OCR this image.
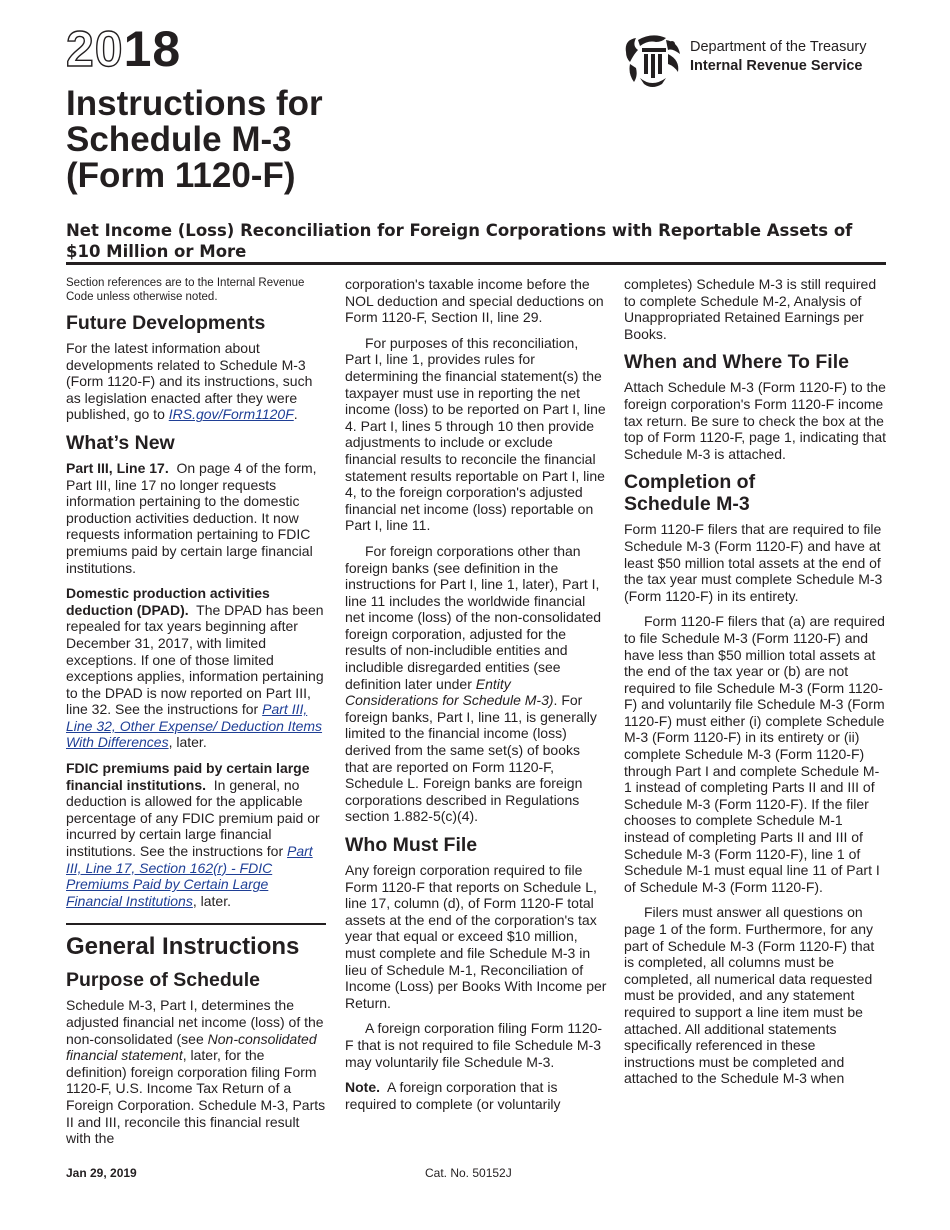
2018
Instructions for
Schedule M-3
(Form 1120-F)
Department of the Treasury
Internal Revenue Service
Net Income (Loss) Reconciliation for Foreign Corporations with Reportable Assets of $10 Million or More

Section references are to the Internal Revenue Code unless otherwise noted.

Future Developments

For the latest information about developments related to Schedule M-3 (Form 1120-F) and its instructions, such as legislation enacted after they were published, go to IRS.gov/Form1120F.

What’s New

Part III, Line 17. On page 4 of the form, Part III, line 17 no longer requests information pertaining to the domestic production activities deduction. It now requests information pertaining to FDIC premiums paid by certain large financial institutions.

Domestic production activities deduction (DPAD). The DPAD has been repealed for tax years beginning after December 31, 2017, with limited exceptions. If one of those limited exceptions applies, information pertaining to the DPAD is now reported on Part III, line 32. See the instructions for Part III, Line 32, Other Expense/ Deduction Items With Differences, later.

FDIC premiums paid by certain large financial institutions. In general, no deduction is allowed for the applicable percentage of any FDIC premium paid or incurred by certain large financial institutions. See the instructions for Part III, Line 17, Section 162(r) - FDIC Premiums Paid by Certain Large Financial Institutions, later.

General Instructions
Purpose of Schedule

Schedule M-3, Part I, determines the adjusted financial net income (loss) of the non-consolidated (see Non-consolidated financial statement, later, for the definition) foreign corporation filing Form 1120-F, U.S. Income Tax Return of a Foreign Corporation. Schedule M-3, Parts II and III, reconcile this financial result with the

corporation's taxable income before the NOL deduction and special deductions on Form 1120-F, Section II, line 29.

For purposes of this reconciliation, Part I, line 1, provides rules for determining the financial statement(s) the taxpayer must use in reporting the net income (loss) to be reported on Part I, line 4. Part I, lines 5 through 10 then provide adjustments to include or exclude financial results to reconcile the financial statement results reportable on Part I, line 4, to the foreign corporation's adjusted financial net income (loss) reportable on Part I, line 11.

For foreign corporations other than foreign banks (see definition in the instructions for Part I, line 1, later), Part I, line 11 includes the worldwide financial net income (loss) of the non-consolidated foreign corporation, adjusted for the results of non-includible entities and includible disregarded entities (see definition later under Entity Considerations for Schedule M-3). For foreign banks, Part I, line 11, is generally limited to the financial income (loss) derived from the same set(s) of books that are reported on Form 1120-F, Schedule L. Foreign banks are foreign corporations described in Regulations section 1.882-5(c)(4).

Who Must File

Any foreign corporation required to file Form 1120-F that reports on Schedule L, line 17, column (d), of Form 1120-F total assets at the end of the corporation's tax year that equal or exceed $10 million, must complete and file Schedule M-3 in lieu of Schedule M-1, Reconciliation of Income (Loss) per Books With Income per Return.

A foreign corporation filing Form 1120-F that is not required to file Schedule M-3 may voluntarily file Schedule M-3.

Note. A foreign corporation that is required to complete (or voluntarily

completes) Schedule M-3 is still required to complete Schedule M-2, Analysis of Unappropriated Retained Earnings per Books.

When and Where To File

Attach Schedule M-3 (Form 1120-F) to the foreign corporation's Form 1120-F income tax return. Be sure to check the box at the top of Form 1120-F, page 1, indicating that Schedule M-3 is attached.

Completion of
Schedule M-3

Form 1120-F filers that are required to file Schedule M-3 (Form 1120-F) and have at least $50 million total assets at the end of the tax year must complete Schedule M-3 (Form 1120-F) in its entirety.

Form 1120-F filers that (a) are required to file Schedule M-3 (Form 1120-F) and have less than $50 million total assets at the end of the tax year or (b) are not required to file Schedule M-3 (Form 1120-F) and voluntarily file Schedule M-3 (Form 1120-F) must either (i) complete Schedule M-3 (Form 1120-F) in its entirety or (ii) complete Schedule M-3 (Form 1120-F) through Part I and complete Schedule M-1 instead of completing Parts II and III of Schedule M-3 (Form 1120-F). If the filer chooses to complete Schedule M-1 instead of completing Parts II and III of Schedule M-3 (Form 1120-F), line 1 of Schedule M-1 must equal line 11 of Part I of Schedule M-3 (Form 1120-F).

Filers must answer all questions on page 1 of the form. Furthermore, for any part of Schedule M-3 (Form 1120-F) that is completed, all columns must be completed, all numerical data requested must be provided, and any statement required to support a line item must be attached. All additional statements specifically referenced in these instructions must be completed and attached to the Schedule M-3 when

Jan 29, 2019	Cat. No. 50152J
